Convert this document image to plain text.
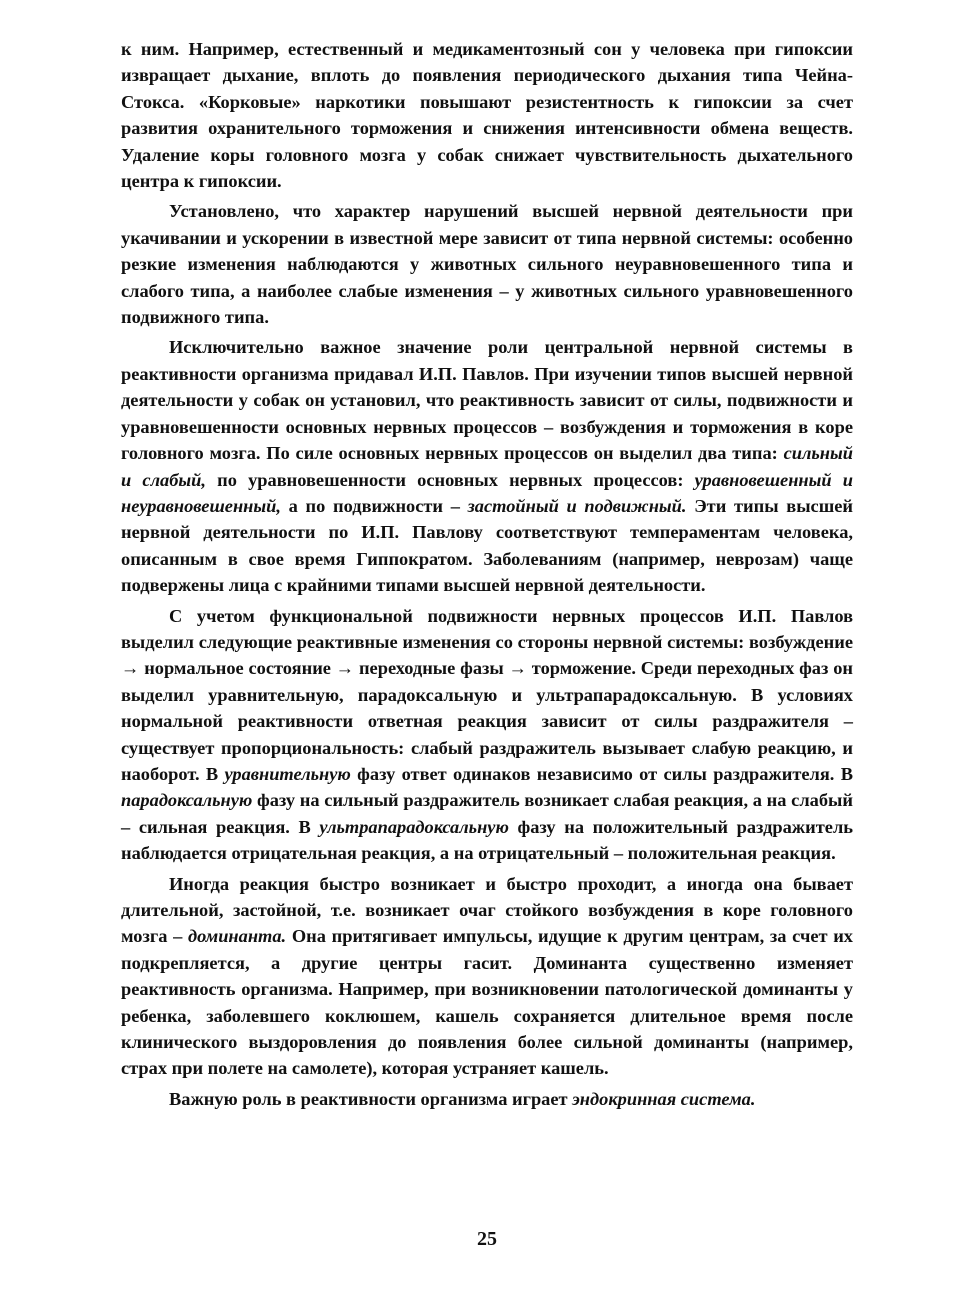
к ним. Например, естественный и медикаментозный сон у человека при гипоксии извращает дыхание, вплоть до появления периодического дыхания типа Чейна-Стокса. «Корковые» наркотики повышают резистентность к гипоксии за счет развития охранительного торможения и снижения интенсивности обмена веществ. Удаление коры головного мозга у собак снижает чувствительность дыхательного центра к гипоксии.

Установлено, что характер нарушений высшей нервной деятельности при укачивании и ускорении в известной мере зависит от типа нервной системы: особенно резкие изменения наблюдаются у животных сильного неуравновешенного типа и слабого типа, а наиболее слабые изменения – у животных сильного уравновешенного подвижного типа.

Исключительно важное значение роли центральной нервной системы в реактивности организма придавал И.П. Павлов. При изучении типов высшей нервной деятельности у собак он установил, что реактивность зависит от силы, подвижности и уравновешенности основных нервных процессов – возбуждения и торможения в коре головного мозга. По силе основных нервных процессов он выделил два типа: сильный и слабый, по уравновешенности основных нервных процессов: уравновешенный и неуравновешенный, а по подвижности – застойный и подвижный. Эти типы высшей нервной деятельности по И.П. Павлову соответствуют темпераментам человека, описанным в свое время Гиппократом. Заболеваниям (например, неврозам) чаще подвержены лица с крайними типами высшей нервной деятельности.

С учетом функциональной подвижности нервных процессов И.П. Павлов выделил следующие реактивные изменения со стороны нервной системы: возбуждение → нормальное состояние → переходные фазы → торможение. Среди переходных фаз он выделил уравнительную, парадоксальную и ультрапарадоксальную. В условиях нормальной реактивности ответная реакция зависит от силы раздражителя – существует пропорциональность: слабый раздражитель вызывает слабую реакцию, и наоборот. В уравнительную фазу ответ одинаков независимо от силы раздражителя. В парадоксальную фазу на сильный раздражитель возникает слабая реакция, а на слабый – сильная реакция. В ультрапарадоксальную фазу на положительный раздражитель наблюдается отрицательная реакция, а на отрицательный – положительная реакция.

Иногда реакция быстро возникает и быстро проходит, а иногда она бывает длительной, застойной, т.е. возникает очаг стойкого возбуждения в коре головного мозга – доминанта. Она притягивает импульсы, идущие к другим центрам, за счет их подкрепляется, а другие центры гасит. Доминанта существенно изменяет реактивность организма. Например, при возникновении патологической доминанты у ребенка, заболевшего коклюшем, кашель сохраняется длительное время после клинического выздоровления до появления более сильной доминанты (например, страх при полете на самолете), которая устраняет кашель.

Важную роль в реактивности организма играет эндокринная система.

25
